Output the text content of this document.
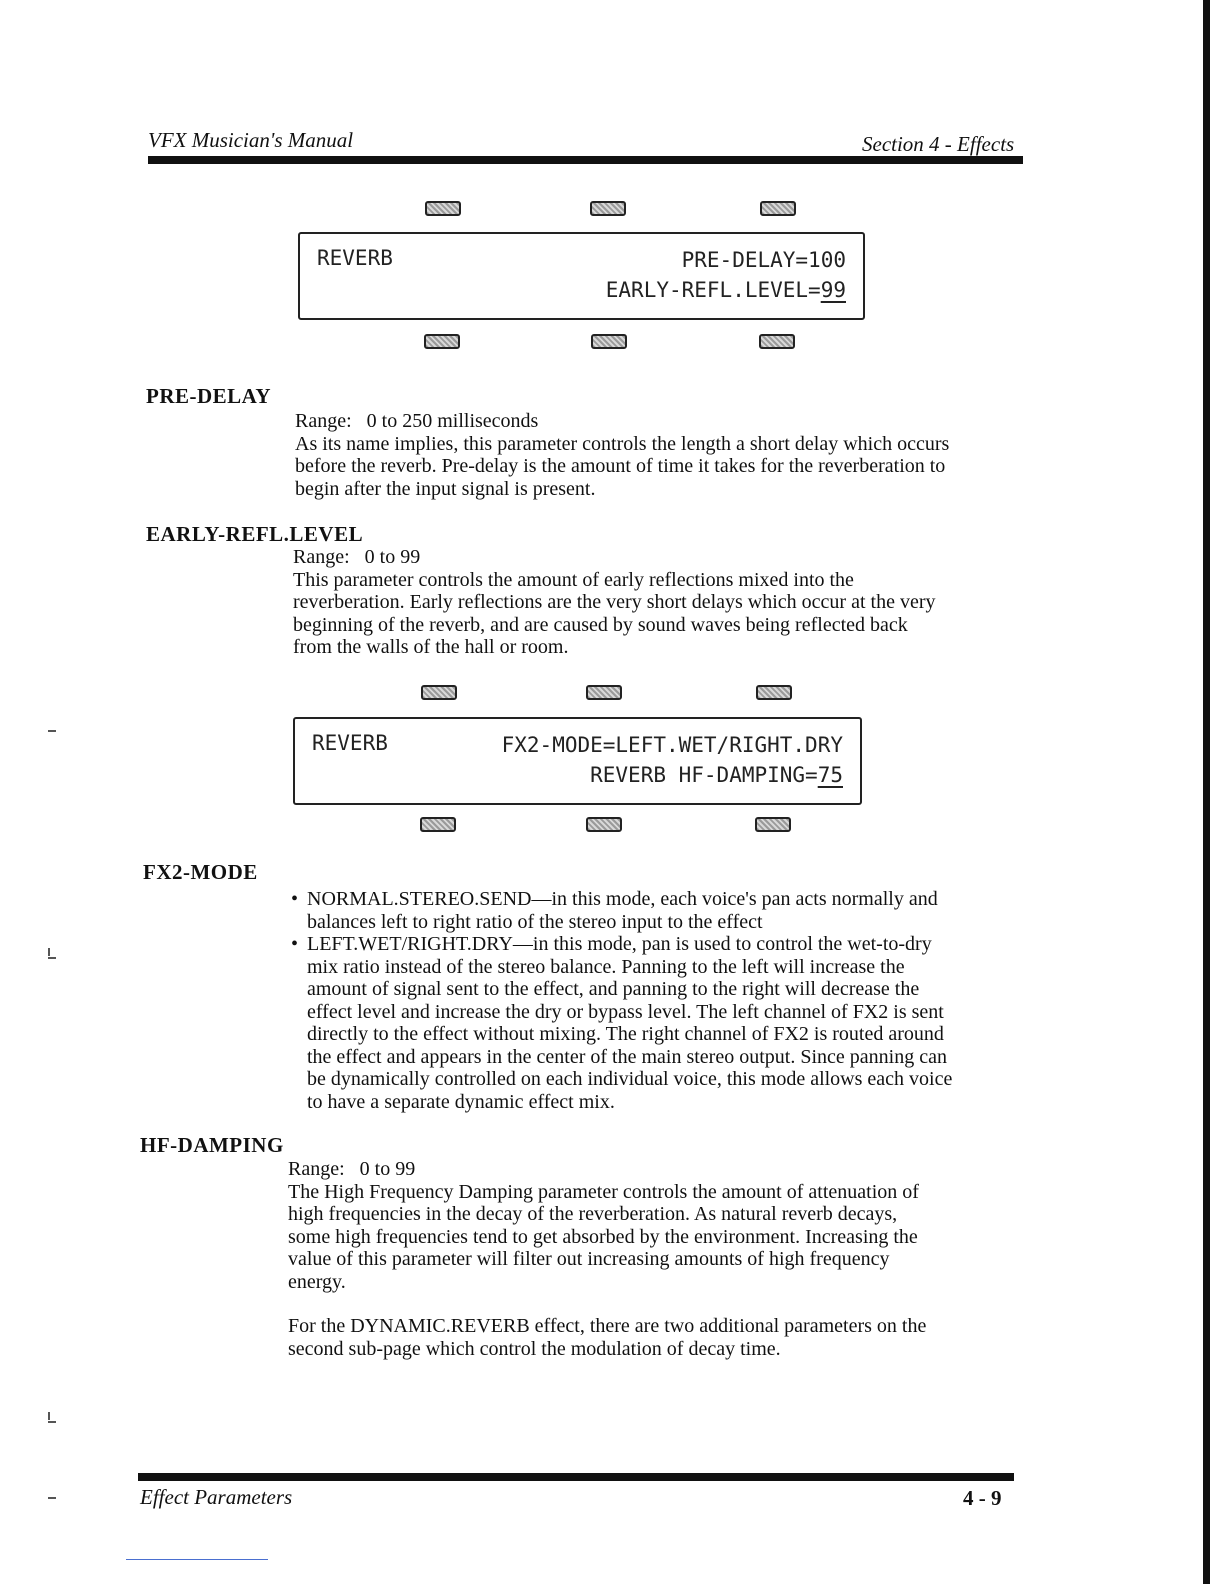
VFX Musician's Manual	Section 4 - Effects
REVERB	PRE-DELAY=100
EARLY-REFL.LEVEL=99
PRE-DELAY
Range: 0 to 250 milliseconds
As its name implies, this parameter controls the length a short delay which occurs
before the reverb. Pre-delay is the amount of time it takes for the reverberation to
begin after the input signal is present.
EARLY-REFL.LEVEL
Range: 0 to 99
This parameter controls the amount of early reflections mixed into the
reverberation. Early reflections are the very short delays which occur at the very
beginning of the reverb, and are caused by sound waves being reflected back
from the walls of the hall or room.
REVERB	FX2-MODE=LEFT.WET/RIGHT.DRY
REVERB HF-DAMPING=75
FX2-MODE
• NORMAL.STEREO.SEND—in this mode, each voice's pan acts normally and
balances left to right ratio of the stereo input to the effect
• LEFT.WET/RIGHT.DRY—in this mode, pan is used to control the wet-to-dry
mix ratio instead of the stereo balance. Panning to the left will increase the
amount of signal sent to the effect, and panning to the right will decrease the
effect level and increase the dry or bypass level. The left channel of FX2 is sent
directly to the effect without mixing. The right channel of FX2 is routed around
the effect and appears in the center of the main stereo output. Since panning can
be dynamically controlled on each individual voice, this mode allows each voice
to have a separate dynamic effect mix.
HF-DAMPING
Range: 0 to 99
The High Frequency Damping parameter controls the amount of attenuation of
high frequencies in the decay of the reverberation. As natural reverb decays,
some high frequencies tend to get absorbed by the environment. Increasing the
value of this parameter will filter out increasing amounts of high frequency
energy.
For the DYNAMIC.REVERB effect, there are two additional parameters on the
second sub-page which control the modulation of decay time.
Effect Parameters	4 - 9
